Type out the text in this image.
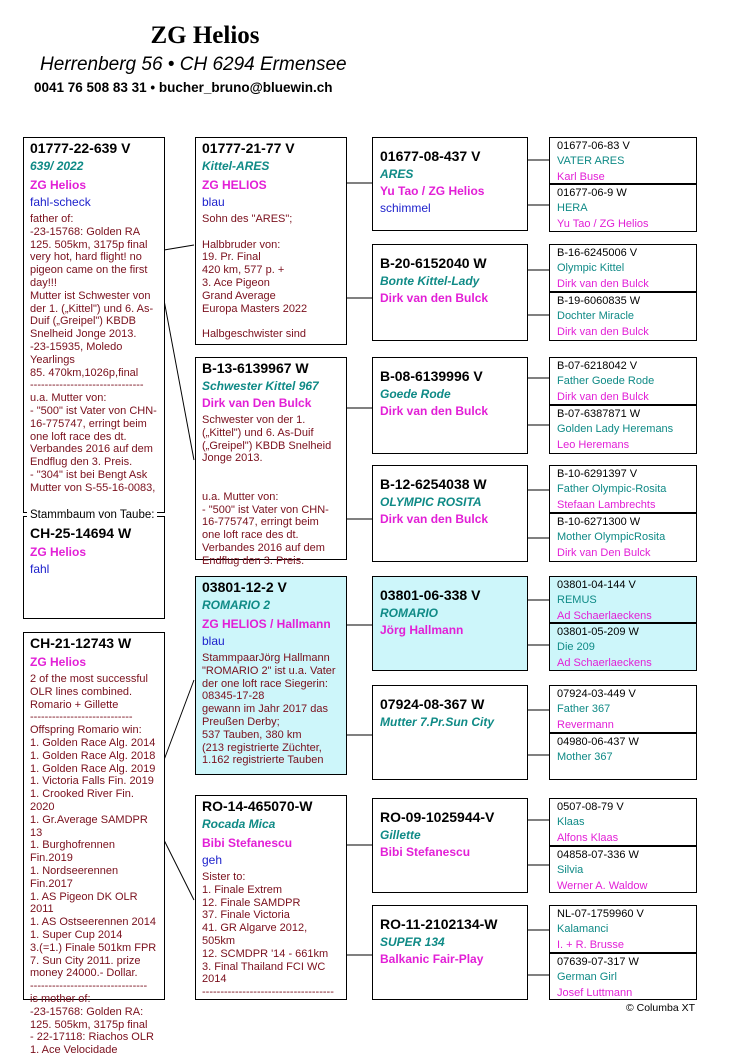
ZG Helios
Herrenberg 56 • CH 6294 Ermensee
0041 76 508 83 31 • bucher_bruno@bluewin.ch
01777-22-639 V
639/ 2022
ZG Helios
fahl-scheck
father of:
-23-15768: Golden RA 125. 505km, 3175p final very hot, hard flight! no pigeon came on the first day!!!
Mutter ist Schwester von der 1. („Kittel") und 6. As-Duif („Greipel") KBDB Snelheid Jonge 2013.
-23-15935, Moledo Yearlings
85. 470km,1026p,final
-------------------------------
u.a. Mutter von:
- "500" ist Vater von CHN-16-775747, erringt beim one loft race des dt. Verbandes 2016 auf dem Endflug den 3. Preis.
- "304" ist bei Bengt Ask Mutter von S-55-16-0083,
CH-25-14694 W
ZG Helios
fahl
Stammbaum von Taube:
CH-21-12743 W
ZG Helios
2 of the most successful OLR lines combined.
Romario + Gillette
----------------------------
Offspring Romario win:
1. Golden Race Alg. 2014
1. Golden Race Alg. 2018
1. Golden Race Alg. 2019
1. Victoria Falls Fin. 2019
1. Crooked River Fin. 2020
1. Gr.Average SAMDPR 13
1. Burghofrennen Fin.2019
1. Nordseerennen Fin.2017
1. AS Pigeon DK OLR 2011
1. AS Ostseerennen 2014
1. Super Cup 2014
3.(=1.) Finale 501km FPR
7. Sun City 2011. prize money 24000.- Dollar.
--------------------------------
is mother of:
-23-15768: Golden RA: 125. 505km, 3175p final
- 22-17118: Riachos OLR
1. Ace Velocidade
01777-21-77 V
Kittel-ARES
ZG HELIOS
blau
Sohn des "ARES";

Halbbruder von:
19. Pr. Final
420 km, 577 p. +
3. Ace Pigeon
Grand Average
Europa Masters 2022

Halbgeschwister sind
B-13-6139967 W
Schwester Kittel 967
Dirk van Den Bulck
Schwester von der 1. („Kittel") und 6. As-Duif („Greipel") KBDB Snelheid Jonge 2013.

u.a. Mutter von:
- "500" ist Vater von CHN-16-775747, erringt beim one loft race des dt. Verbandes 2016 auf dem Endflug den 3. Preis.
03801-12-2 V
ROMARIO 2
ZG HELIOS / Hallmann
blau
StammpaarJörg Hallmann "ROMARIO 2" ist u.a. Vater der one loft race Siegerin: 08345-17-28
gewann im Jahr 2017 das Preußen Derby;
537 Tauben, 380 km
(213 registrierte Züchter, 1.162 registrierte Tauben
RO-14-465070-W
Rocada Mica
Bibi Stefanescu
geh
Sister to:
1. Finale Extrem
12. Finale SAMDPR
37. Finale Victoria
41. GR Algarve 2012, 505km
12. SCMDPR '14 - 661km
3. Final Thailand FCI WC 2014
------------------------------------
01677-08-437 V
ARES
Yu Tao / ZG Helios
schimmel
B-20-6152040 W
Bonte Kittel-Lady
Dirk van den Bulck
B-08-6139996 V
Goede Rode
Dirk van den Bulck
B-12-6254038 W
OLYMPIC ROSITA
Dirk van den Bulck
03801-06-338 V
ROMARIO
Jörg Hallmann
07924-08-367 W
Mutter 7.Pr.Sun City
RO-09-1025944-V
Gillette
Bibi Stefanescu
RO-11-2102134-W
SUPER 134
Balkanic Fair-Play
01677-06-83 V
VATER ARES
Karl Buse
01677-06-9 W
HERA
Yu Tao / ZG Helios
B-16-6245006 V
Olympic Kittel
Dirk van den Bulck
B-19-6060835 W
Dochter Miracle
Dirk van den Bulck
B-07-6218042 V
Father Goede Rode
Dirk van den Bulck
B-07-6387871 W
Golden Lady Heremans
Leo Heremans
B-10-6291397 V
Father Olympic-Rosita
Stefaan Lambrechts
B-10-6271300 W
Mother OlympicRosita
Dirk van Den Bulck
03801-04-144 V
REMUS
Ad Schaerlaeckens
03801-05-209 W
Die 209
Ad Schaerlaeckens
07924-03-449 V
Father 367
Revermann
04980-06-437 W
Mother 367
0507-08-79 V
Klaas
Alfons Klaas
04858-07-336 W
Silvia
Werner A. Waldow
NL-07-1759960 V
Kalamanci
I. + R. Brusse
07639-07-317 W
German Girl
Josef Luttmann
© Columba XT
